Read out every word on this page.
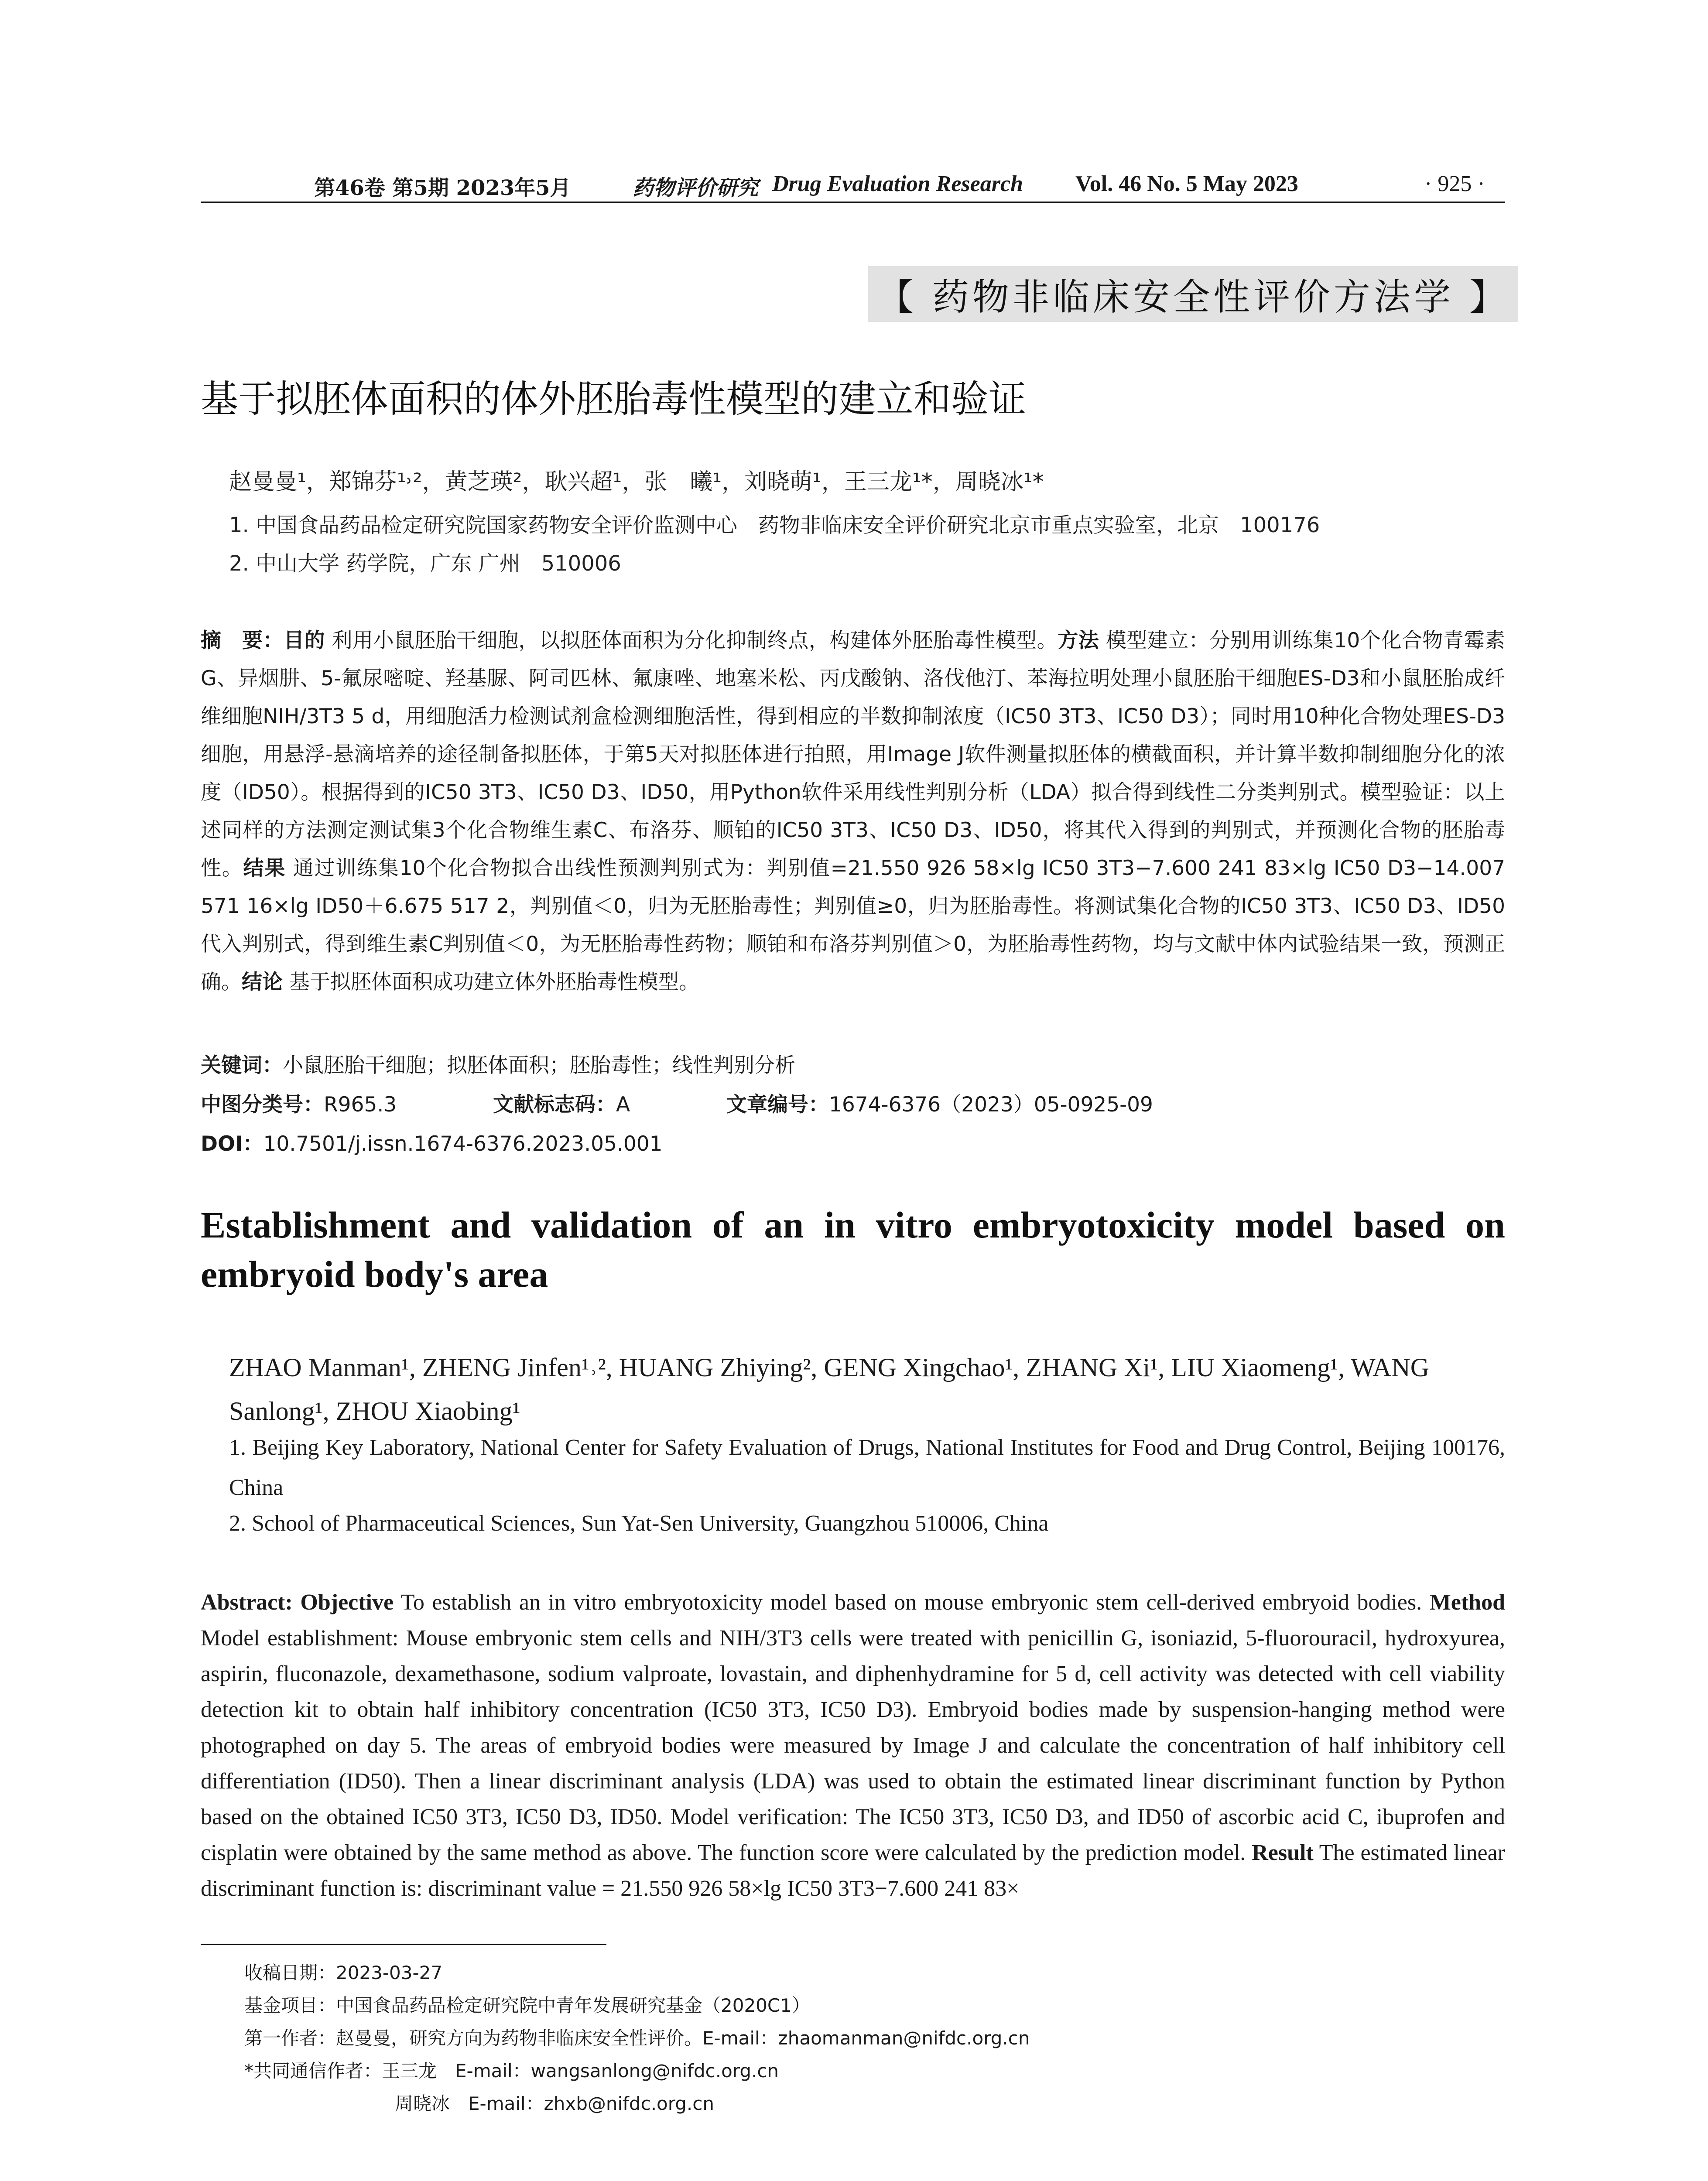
第46卷 第5期 2023年5月	药物评价研究 Drug Evaluation Research Vol. 46 No. 5 May 2023	· 925 ·
【 药物非临床安全性评价方法学 】
基于拟胚体面积的体外胚胎毒性模型的建立和验证
赵曼曼¹，郑锦芬¹˒²，黄芝瑛²，耿兴超¹，张　曦¹，刘晓萌¹，王三龙¹*，周晓冰¹*
1. 中国食品药品检定研究院国家药物安全评价监测中心　药物非临床安全评价研究北京市重点实验室，北京　100176
2. 中山大学 药学院，广东 广州　510006
摘　要：目的 利用小鼠胚胎干细胞，以拟胚体面积为分化抑制终点，构建体外胚胎毒性模型。方法 模型建立：分别用训练集10个化合物青霉素G、异烟肼、5-氟尿嘧啶、羟基脲、阿司匹林、氟康唑、地塞米松、丙戊酸钠、洛伐他汀、苯海拉明处理小鼠胚胎干细胞ES-D3和小鼠胚胎成纤维细胞NIH/3T3 5 d，用细胞活力检测试剂盒检测细胞活性，得到相应的半数抑制浓度（IC50 3T3、IC50 D3）；同时用10种化合物处理ES-D3细胞，用悬浮-悬滴培养的途径制备拟胚体，于第5天对拟胚体进行拍照，用Image J软件测量拟胚体的横截面积，并计算半数抑制细胞分化的浓度（ID50）。根据得到的IC50 3T3、IC50 D3、ID50，用Python软件采用线性判别分析（LDA）拟合得到线性二分类判别式。模型验证：以上述同样的方法测定测试集3个化合物维生素C、布洛芬、顺铂的IC50 3T3、IC50 D3、ID50，将其代入得到的判别式，并预测化合物的胚胎毒性。结果 通过训练集10个化合物拟合出线性预测判别式为：判别值=21.550 926 58×lg IC50 3T3−7.600 241 83×lg IC50 D3−14.007 571 16×lg ID50＋6.675 517 2，判别值＜0，归为无胚胎毒性；判别值≥0，归为胚胎毒性。将测试集化合物的IC50 3T3、IC50 D3、ID50代入判别式，得到维生素C判别值＜0，为无胚胎毒性药物；顺铂和布洛芬判别值＞0，为胚胎毒性药物，均与文献中体内试验结果一致，预测正确。结论 基于拟胚体面积成功建立体外胚胎毒性模型。
关键词：小鼠胚胎干细胞；拟胚体面积；胚胎毒性；线性判别分析
中图分类号：R965.3	文献标志码：A	文章编号：1674-6376（2023）05-0925-09
DOI：10.7501/j.issn.1674-6376.2023.05.001
Establishment and validation of an in vitro embryotoxicity model based on
embryoid body's area
ZHAO Manman¹, ZHENG Jinfen¹˒², HUANG Zhiying², GENG Xingchao¹, ZHANG Xi¹, LIU Xiaomeng¹, WANG Sanlong¹, ZHOU Xiaobing¹
1. Beijing Key Laboratory, National Center for Safety Evaluation of Drugs, National Institutes for Food and Drug Control, Beijing 100176, China
2. School of Pharmaceutical Sciences, Sun Yat-Sen University, Guangzhou 510006, China
Abstract: Objective To establish an in vitro embryotoxicity model based on mouse embryonic stem cell-derived embryoid bodies. Method Model establishment: Mouse embryonic stem cells and NIH/3T3 cells were treated with penicillin G, isoniazid, 5-fluorouracil, hydroxyurea, aspirin, fluconazole, dexamethasone, sodium valproate, lovastain, and diphenhydramine for 5 d, cell activity was detected with cell viability detection kit to obtain half inhibitory concentration (IC50 3T3, IC50 D3). Embryoid bodies made by suspension-hanging method were photographed on day 5. The areas of embryoid bodies were measured by Image J and calculate the concentration of half inhibitory cell differentiation (ID50). Then a linear discriminant analysis (LDA) was used to obtain the estimated linear discriminant function by Python based on the obtained IC50 3T3, IC50 D3, ID50. Model verification: The IC50 3T3, IC50 D3, and ID50 of ascorbic acid C, ibuprofen and cisplatin were obtained by the same method as above. The function score were calculated by the prediction model. Result The estimated linear discriminant function is: discriminant value = 21.550 926 58×lg IC50 3T3−7.600 241 83×
收稿日期：2023-03-27
基金项目：中国食品药品检定研究院中青年发展研究基金（2020C1）
第一作者：赵曼曼，研究方向为药物非临床安全性评价。E-mail：zhaomanman@nifdc.org.cn
*共同通信作者：王三龙　E-mail：wangsanlong@nifdc.org.cn
周晓冰　E-mail：zhxb@nifdc.org.cn
